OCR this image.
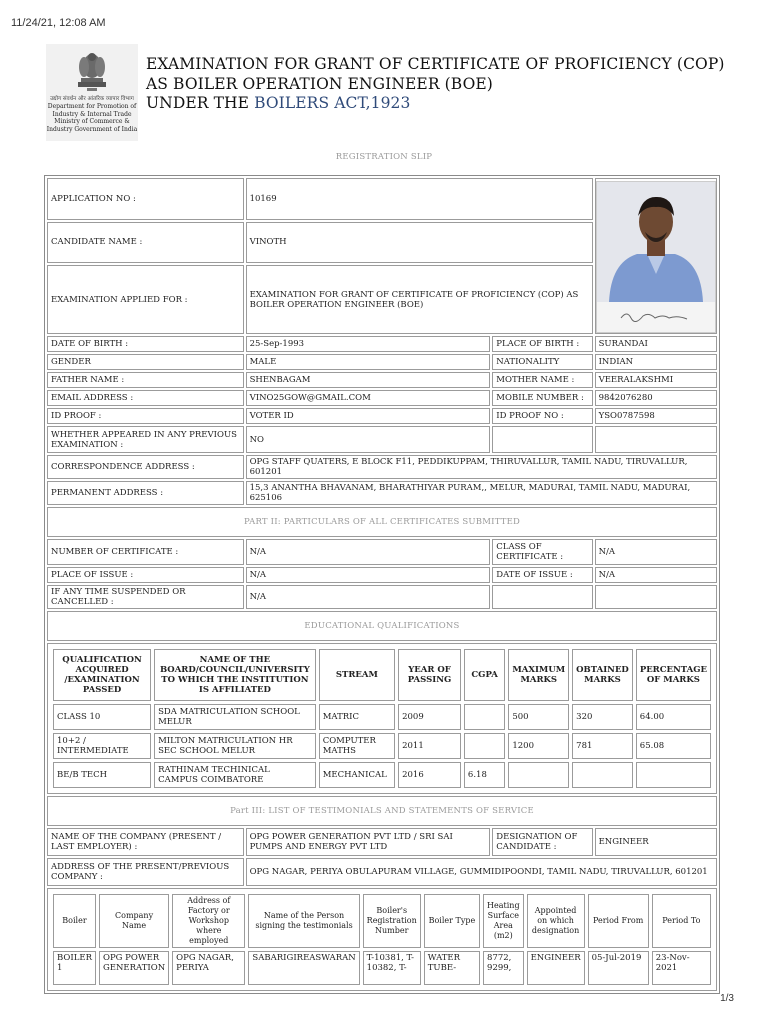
11/24/21, 12:08 AM
उद्योग संवर्धन और आंतरिक व्यापार विभाग
Department for Promotion of
Industry & Internal Trade
Ministry of Commerce &
Industry Government of India
EXAMINATION FOR GRANT OF CERTIFICATE OF PROFICIENCY (COP)
AS BOILER OPERATION ENGINEER (BOE)
UNDER THE BOILERS ACT,1923
REGISTRATION SLIP
APPLICATION NO :	10169	

CANDIDATE NAME :	VINOTH
EXAMINATION APPLIED FOR :	EXAMINATION FOR GRANT OF CERTIFICATE OF PROFICIENCY (COP) AS BOILER OPERATION ENGINEER (BOE)
DATE OF BIRTH :	25-Sep-1993	PLACE OF BIRTH :	SURANDAI
GENDER	MALE	NATIONALITY	INDIAN
FATHER NAME :	SHENBAGAM	MOTHER NAME :	VEERALAKSHMI
EMAIL ADDRESS :	VINO25GOW@GMAIL.COM	MOBILE NUMBER :	9842076280
ID PROOF :	VOTER ID	ID PROOF NO :	YSO0787598
WHETHER APPEARED IN ANY PREVIOUS EXAMINATION :	NO		
CORRESPONDENCE ADDRESS :	OPG STAFF QUATERS, E BLOCK F11, PEDDIKUPPAM, THIRUVALLUR, TAMIL NADU, TIRUVALLUR, 601201
PERMANENT ADDRESS :	15,3 ANANTHA BHAVANAM, BHARATHIYAR PURAM,, MELUR, MADURAI, TAMIL NADU, MADURAI, 625106
PART II: PARTICULARS OF ALL CERTIFICATES SUBMITTED
NUMBER OF CERTIFICATE :	N/A	CLASS OF CERTIFICATE :	N/A
PLACE OF ISSUE :	N/A	DATE OF ISSUE :	N/A
IF ANY TIME SUSPENDED OR CANCELLED :	N/A		
EDUCATIONAL QUALIFICATIONS

QUALIFICATION ACQUIRED /EXAMINATION PASSED	NAME OF THE BOARD/COUNCIL/UNIVERSITY TO WHICH THE INSTITUTION IS AFFILIATED	STREAM	YEAR OF PASSING	CGPA	MAXIMUM MARKS	OBTAINED MARKS	PERCENTAGE OF MARKS
CLASS 10	SDA MATRICULATION SCHOOL MELUR	MATRIC	2009		500	320	64.00
10+2 / INTERMEDIATE	MILTON MATRICULATION HR SEC SCHOOL MELUR	COMPUTER MATHS	2011		1200	781	65.08
BE/B TECH	RATHINAM TECHINICAL CAMPUS COIMBATORE	MECHANICAL	2016	6.18			

Part III: LIST OF TESTIMONIALS AND STATEMENTS OF SERVICE
NAME OF THE COMPANY (PRESENT / LAST EMPLOYER) :	OPG POWER GENERATION PVT LTD / SRI SAI PUMPS AND ENERGY PVT LTD	DESIGNATION OF CANDIDATE :	ENGINEER
ADDRESS OF THE PRESENT/PREVIOUS COMPANY :	OPG NAGAR, PERIYA OBULAPURAM VILLAGE, GUMMIDIPOONDI, TAMIL NADU, TIRUVALLUR, 601201

Boiler	Company Name	Address of Factory or Workshop where employed	Name of the Person signing the testimonials	Boiler's Registration Number	Boiler Type	Heating Surface Area (m2)	Appointed on which designation	Period From	Period To
BOILER 1	OPG POWER GENERATION	OPG NAGAR, PERIYA	SABARIGIREASWARAN	T-10381, T-10382, T-	WATER TUBE-	8772, 9299,	ENGINEER	05-Jul-2019	23-Nov-2021
1/3
